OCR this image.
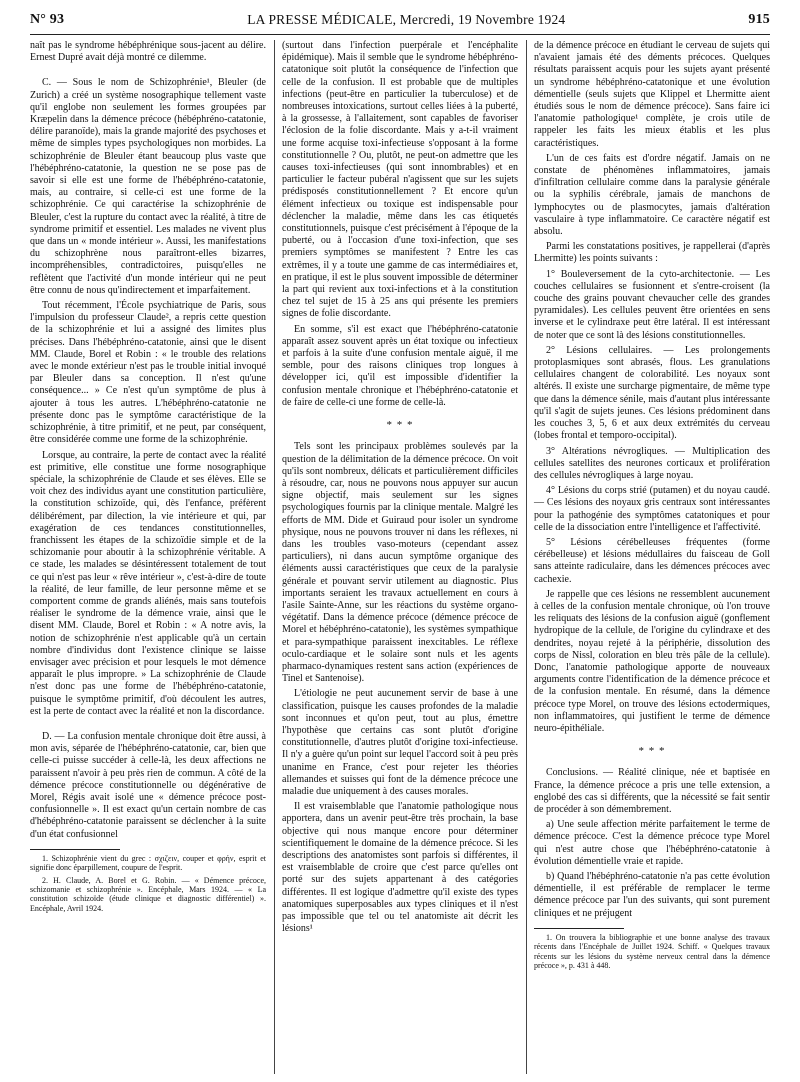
N° 93	LA PRESSE MÉDICALE, Mercredi, 19 Novembre 1924	915

naît pas le syndrome hébéphrénique sous-jacent au délire. Ernest Dupré avait déjà montré ce dilemme.

C. — Sous le nom de Schizophrénie¹, Bleuler (de Zurich) a créé un système nosographique tellement vaste qu'il englobe non seulement les formes groupées par Kræpelin dans la démence précoce (hébéphréno-catatonie, délire paranoïde), mais la grande majorité des psychoses et même de simples types psychologiques non morbides. La schizophrénie de Bleuler étant beaucoup plus vaste que l'hébéphréno-catatonie, la question ne se pose pas de savoir si elle est une forme de l'hébéphréno-catatonie, mais, au contraire, si celle-ci est une forme de la schizophrénie. Ce qui caractérise la schizophrénie de Bleuler, c'est la rupture du contact avec la réalité, à titre de syndrome primitif et essentiel. Les malades ne vivent plus que dans un « monde intérieur ». Aussi, les manifestations du schizophrène nous paraîtront-elles bizarres, incompréhensibles, contradictoires, puisqu'elles ne reflètent que l'activité d'un monde intérieur qui ne peut être connu de nous qu'indirectement et imparfaitement.

Tout récemment, l'École psychiatrique de Paris, sous l'impulsion du professeur Claude², a repris cette question de la schizophrénie et lui a assigné des limites plus précises. Dans l'hébéphréno-catatonie, ainsi que le disent MM. Claude, Borel et Robin : « le trouble des relations avec le monde extérieur n'est pas le trouble initial invoqué par Bleuler dans sa conception. Il n'est qu'une conséquence... » Ce n'est qu'un symptôme de plus à ajouter à tous les autres. L'hébéphréno-catatonie ne présente donc pas le symptôme caractéristique de la schizophrénie, à titre primitif, et ne peut, par conséquent, être considérée comme une forme de la schizophrénie.

Lorsque, au contraire, la perte de contact avec la réalité est primitive, elle constitue une forme nosographique spéciale, la schizophrénie de Claude et ses élèves. Elle se voit chez des individus ayant une constitution particulière, la constitution schizoïde, qui, dès l'enfance, préfèrent délibérément, par dilection, la vie intérieure et qui, par exagération de ces tendances constitutionnelles, franchissent les étapes de la schizoïdie simple et de la schizomanie pour aboutir à la schizophrénie véritable. A ce stade, les malades se désintéressent totalement de tout ce qui n'est pas leur « rêve intérieur », c'est-à-dire de toute la réalité, de leur famille, de leur personne même et se comportent comme de grands aliénés, mais sans toutefois réaliser le syndrome de la démence vraie, ainsi que le disent MM. Claude, Borel et Robin : « A notre avis, la notion de schizophrénie n'est applicable qu'à un certain nombre d'individus dont l'existence clinique se laisse envisager avec précision et pour lesquels le mot démence apparaît le plus impropre. » La schizophrénie de Claude n'est donc pas une forme de l'hébéphréno-catatonie, puisque le symptôme primitif, d'où découlent les autres, est la perte de contact avec la réalité et non la discordance.

D. — La confusion mentale chronique doit être aussi, à mon avis, séparée de l'hébéphréno-catatonie, car, bien que celle-ci puisse succéder à celle-là, les deux affections ne paraissent n'avoir à peu près rien de commun. A côté de la démence précoce constitutionnelle ou dégénérative de Morel, Régis avait isolé une « démence précoce post-confusionnelle ». Il est exact qu'un certain nombre de cas d'hébéphréno-catatonie paraissent se déclencher à la suite d'un état confusionnel

1. Schizophrénie vient du grec : σχιζειν, couper et φρήν, esprit et signifie donc éparpillement, coupure de l'esprit.

2. H. Claude, A. Borel et G. Robin. — « Démence précoce, schizomanie et schizophrénie ». Encéphale, Mars 1924. — « La constitution schizoïde (étude clinique et diagnostic différentiel) ». Encéphale, Avril 1924.

(surtout dans l'infection puerpérale et l'encéphalite épidémique). Mais il semble que le syndrome hébéphréno-catatonique soit plutôt la conséquence de l'infection que celle de la confusion. Il est probable que de multiples infections (peut-être en particulier la tuberculose) et de nombreuses intoxications, surtout celles liées à la puberté, à la grossesse, à l'allaitement, sont capables de favoriser l'éclosion de la folie discordante. Mais y a-t-il vraiment une forme acquise toxi-infectieuse s'opposant à la forme constitutionnelle ? Ou, plutôt, ne peut-on admettre que les causes toxi-infectieuses (qui sont innombrables) et en particulier le facteur pubéral n'agissent que sur les sujets prédisposés constitutionnellement ? Et encore qu'un élément infectieux ou toxique est indispensable pour déclencher la maladie, même dans les cas étiquetés constitutionnels, puisque c'est précisément à l'époque de la puberté, ou à l'occasion d'une toxi-infection, que ses premiers symptômes se manifestent ? Entre les cas extrêmes, il y a toute une gamme de cas intermédiaires et, en pratique, il est le plus souvent impossible de déterminer la part qui revient aux toxi-infections et à la constitution chez tel sujet de 15 à 25 ans qui présente les premiers signes de folie discordante.

En somme, s'il est exact que l'hébéphréno-catatonie apparaît assez souvent après un état toxique ou infectieux et parfois à la suite d'une confusion mentale aiguë, il me semble, pour des raisons cliniques trop longues à développer ici, qu'il est impossible d'identifier la confusion mentale chronique et l'hébéphréno-catatonie et de faire de celle-ci une forme de celle-là.

* * *

Tels sont les principaux problèmes soulevés par la question de la délimitation de la démence précoce. On voit qu'ils sont nombreux, délicats et particulièrement difficiles à résoudre, car, nous ne pouvons nous appuyer sur aucun signe objectif, mais seulement sur les signes psychologiques fournis par la clinique mentale. Malgré les efforts de MM. Dide et Guiraud pour isoler un syndrome physique, nous ne pouvons trouver ni dans les réflexes, ni dans les troubles vaso-moteurs (cependant assez particuliers), ni dans aucun symptôme organique des éléments aussi caractéristiques que ceux de la paralysie générale et pouvant servir utilement au diagnostic. Plus importants seraient les travaux actuellement en cours à l'asile Sainte-Anne, sur les réactions du système organo-végétatif. Dans la démence précoce (démence précoce de Morel et hébéphréno-catatonie), les systèmes sympathique et para-sympathique paraissent inexcitables. Le réflexe oculo-cardiaque et le solaire sont nuls et les agents pharmaco-dynamiques restent sans action (expériences de Tinel et Santenoise).

L'étiologie ne peut aucunement servir de base à une classification, puisque les causes profondes de la maladie sont inconnues et qu'on peut, tout au plus, émettre l'hypothèse que certains cas sont plutôt d'origine constitutionnelle, d'autres plutôt d'origine toxi-infectieuse. Il n'y a guère qu'un point sur lequel l'accord soit à peu près unanime en France, c'est pour rejeter les théories allemandes et suisses qui font de la démence précoce une maladie due uniquement à des causes morales.

Il est vraisemblable que l'anatomie pathologique nous apportera, dans un avenir peut-être très prochain, la base objective qui nous manque encore pour déterminer scientifiquement le domaine de la démence précoce. Si les descriptions des anatomistes sont parfois si différentes, il est vraisemblable de croire que c'est parce qu'elles ont porté sur des sujets appartenant à des catégories différentes. Il est logique d'admettre qu'il existe des types anatomiques superposables aux types cliniques et il n'est pas impossible que tel ou tel anatomiste ait décrit les lésions¹

de la démence précoce en étudiant le cerveau de sujets qui n'avaient jamais été des déments précoces. Quelques résultats paraissent acquis pour les sujets ayant présenté un syndrome hébéphréno-catatonique et une évolution démentielle (seuls sujets que Klippel et Lhermitte aient étudiés sous le nom de démence précoce). Sans faire ici l'anatomie pathologique¹ complète, je crois utile de rappeler les faits les mieux établis et les plus caractéristiques.

L'un de ces faits est d'ordre négatif. Jamais on ne constate de phénomènes inflammatoires, jamais d'infiltration cellulaire comme dans la paralysie générale ou la syphilis cérébrale, jamais de manchons de lymphocytes ou de plasmocytes, jamais d'altération vasculaire à type inflammatoire. Ce caractère négatif est absolu.

Parmi les constatations positives, je rappellerai (d'après Lhermitte) les points suivants :

1° Bouleversement de la cyto-architectonie. — Les couches cellulaires se fusionnent et s'entre-croisent (la couche des grains pouvant chevaucher celle des grandes pyramidales). Les cellules peuvent être orientées en sens inverse et le cylindraxe peut être latéral. Il est intéressant de noter que ce sont là des lésions constitutionnelles.

2° Lésions cellulaires. — Les prolongements protoplasmiques sont abrasés, flous. Les granulations cellulaires changent de colorabilité. Les noyaux sont altérés. Il existe une surcharge pigmentaire, de même type que dans la démence sénile, mais d'autant plus intéressante qu'il s'agit de sujets jeunes. Ces lésions prédominent dans les couches 3, 5, 6 et aux deux extrémités du cerveau (lobes frontal et temporo-occipital).

3° Altérations névrogliques. — Multiplication des cellules satellites des neurones corticaux et prolifération des cellules névrogliques à large noyau.

4° Lésions du corps strié (putamen) et du noyau caudé. — Ces lésions des noyaux gris centraux sont intéressantes pour la pathogénie des symptômes catatoniques et pour celle de la dissociation entre l'intelligence et l'affectivité.

5° Lésions cérébelleuses fréquentes (forme cérébelleuse) et lésions médullaires du faisceau de Goll sans atteinte radiculaire, dans les démences précoces avec cachexie.

Je rappelle que ces lésions ne ressemblent aucunement à celles de la confusion mentale chronique, où l'on trouve les reliquats des lésions de la confusion aiguë (gonflement hydropique de la cellule, de l'origine du cylindraxe et des dendrites, noyau rejeté à la périphérie, dissolution des corps de Nissl, coloration en bleu très pâle de la cellule). Donc, l'anatomie pathologique apporte de nouveaux arguments contre l'identification de la démence précoce et de la confusion mentale. En résumé, dans la démence précoce type Morel, on trouve des lésions ectodermiques, non inflammatoires, qui justifient le terme de démence neuro-épithéliale.

* * *

Conclusions. — Réalité clinique, née et baptisée en France, la démence précoce a pris une telle extension, a englobé des cas si différents, que la nécessité se fait sentir de procéder à son démembrement.

a) Une seule affection mérite parfaitement le terme de démence précoce. C'est la démence précoce type Morel qui n'est autre chose que l'hébéphréno-catatonie à évolution démentielle vraie et rapide.

b) Quand l'hébéphréno-catatonie n'a pas cette évolution démentielle, il est préférable de remplacer le terme démence précoce par l'un des suivants, qui sont purement cliniques et ne préjugent

1. On trouvera la bibliographie et une bonne analyse des travaux récents dans l'Encéphale de Juillet 1924. Schiff. « Quelques travaux récents sur les lésions du système nerveux central dans la démence précoce », p. 431 à 448.
